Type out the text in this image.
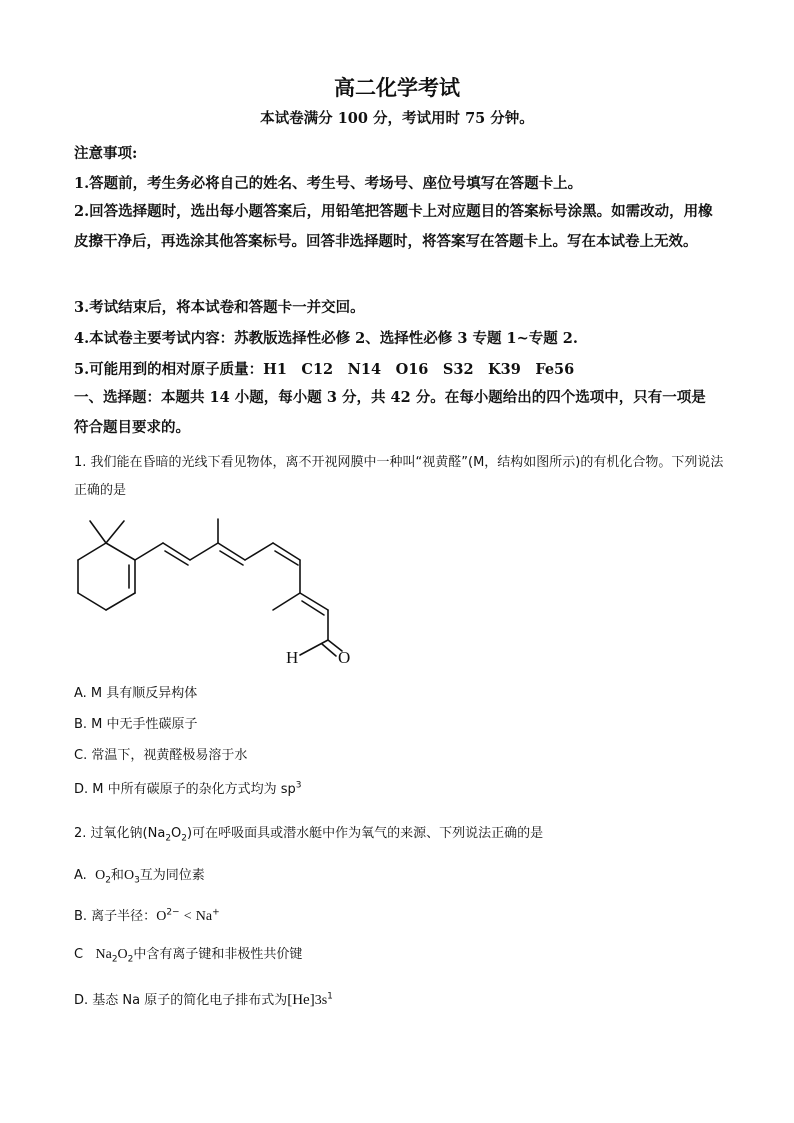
高二化学考试
本试卷满分 100 分，考试用时 75 分钟。
注意事项:
1.答题前，考生务必将自己的姓名、考生号、考场号、座位号填写在答题卡上。
2.回答选择题时，选出每小题答案后，用铅笔把答题卡上对应题目的答案标号涂黑。如需改动，用橡皮擦干净后，再选涂其他答案标号。回答非选择题时，将答案写在答题卡上。写在本试卷上无效。
3.考试结束后，将本试卷和答题卡一并交回。
4.本试卷主要考试内容：苏教版选择性必修 2、选择性必修 3 专题 1~专题 2.
5.可能用到的相对原子质量：H1　C12　N14　O16　S32　K39　Fe56
一、选择题：本题共 14 小题，每小题 3 分，共 42 分。在每小题给出的四个选项中，只有一项是符合题目要求的。
1. 我们能在昏暗的光线下看见物体，离不开视网膜中一种叫“视黄醛”(M，结构如图所示)的有机化合物。下列说法正确的是
H O
A. M 具有顺反异构体
B. M 中无手性碳原子
C. 常温下，视黄醛极易溶于水
D. M 中所有碳原子的杂化方式均为 $sp^3$
2. 过氧化钠$(Na_2O_2)$可在呼吸面具或潜水艇中作为氧气的来源、下列说法正确的是
A. $O_2$和$O_3$互为同位素
B. 离子半径：$O^{2-} < Na^+$
C $Na_2O_2$中含有离子键和非极性共价键
D. 基态 Na 原子的简化电子排布式为$[He]3s^1$
